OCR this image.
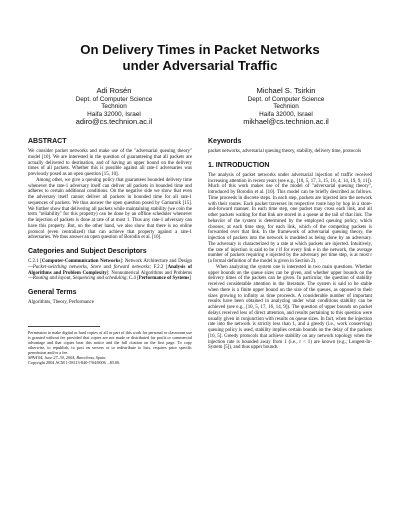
On Delivery Times in Packet Networks
under Adversarial Traffic
Adi Rosén
Dept. of Computer Science
Technion
Haifa 32000, Israel
adiro@cs.technion.ac.il
Michael S. Tsirkin
Dept. of Computer Science
Technion
Haifa 32000, Israel
mikhael@cs.technion.ac.il
ABSTRACT

We consider packet networks and make use of the "adversarial queuing theory" model [10]. We are interested in the question of guaranteeing that all packets are actually delivered to destination, and of having an upper bound on the delivery times of all packets. Whether this is possible against all rate-1 adversaries was previously posed as an open question [15, 10].

Among other, we give a queuing policy that guarantees bounded delivery time whenever the rate-1 adversary itself can deliver all packets in bounded time and adheres to certain additional conditions. On the negative side we show that even the adversary itself cannot deliver all packets in bounded time for all rate-1 sequences of packets. We thus answer the open question posed by Gamarnik [15]. We further show that delivering all packets while maintaining stability (we coin the term "reliability" for this property) can be done by an offline scheduler whenever the injection of packets is done at rate of at most 1. Thus any rate-1 adversary can have this property. But, on the other hand, we also show that there is no online protocol (even centralized) that can achieve that property against a rate-1 adversaries. We thus answer an open question of Borodin et al. [10].

Categories and Subject Descriptors

C.2.1 [Computer-Communication Networks]: Network Architecture and Design—Packet-switching networks, Store and forward networks; F.2.2 [Analysis of Algorithms and Problem Complexity]: Nonnumerical Algorithms and Problems—Routing and layout, Sequencing and scheduling; C.4 [Performance of Systems]

General Terms

Algorithms, Theory, Performance

Permission to make digital or hard copies of all or part of this work for personal or classroom use is granted without fee provided that copies are not made or distributed for profit or commercial advantage and that copies bear this notice and the full citation on the first page. To copy otherwise, to republish, to post on servers or to redistribute to lists, requires prior specific permission and/or a fee.

SPAA'04, June 27–30, 2004, Barcelona, Spain.

Copyright 2004 ACM 1-58113-840-7/04/0006 ...$5.00.

Keywords

packet networks, adversarial queuing theory, stability, delivery time, protocols

1. INTRODUCTION

The analysis of packet networks under adversarial injection of traffic received increasing attention in recent years (see e.g., [10, 5, 17, 3, 15, 16, 4, 14, 19, 9, 11]). Much of this work makes use of the model of "adversarial queuing theory", introduced by Borodin et al. [10]. This model can be briefly described as follows. Time proceeds in discrete steps. In each step, packets are injected into the network with their routes. Each packet traverses its respective route hop by hop in a store-and-forward manner. In each time step, one packet may cross each link, and all other packets waiting for that link are stored in a queue at the tail of that link. The behavior of the system is determined by the employed queuing policy, which chooses, at each time step, for each link, which of the competing packets is forwarded over that link. In the framework of adversarial queuing theory, the injection of packets into the network is modeled as being done by an adversary. The adversary is characterized by a rate at which packets are injected. Intuitively, the rate of injection is said to be r if for every link e in the network, the average number of packets requiring e injected by the adversary per time step, is at most r (a formal definition of the model is given in Section 2).

When analyzing the system one is interested in two main questions. Whether upper bounds on the queue sizes can be given, and whether upper bounds on the delivery times of the packets can be given. In particular, the question of stability received considerable attention in the literature. The system is said to be stable when there is a finite upper bound on the size of the queues, as opposed to their sizes growing to infinity as time proceeds. A considerable number of important results have been obtained in analyzing under what conditions stability can be achieved (see e.g., [10, 5, 17, 16, 14, 9]). The question of upper bounds on packet delays received less of direct attention, and results pertaining to this question were usually given in conjunction with results on queue sizes. In fact, when the injection rate into the network is strictly less than 1, and a greedy (i.e., work conserving) queuing policy is used, stability implies certain bounds on the delay of the packets [10, 5]. Greedy protocols that achieve stability on any network topology when the injection rate is bounded away from 1 (i.e., r < 1) are known (e.g., Longest-In-System [5]), and thus upper bounds
